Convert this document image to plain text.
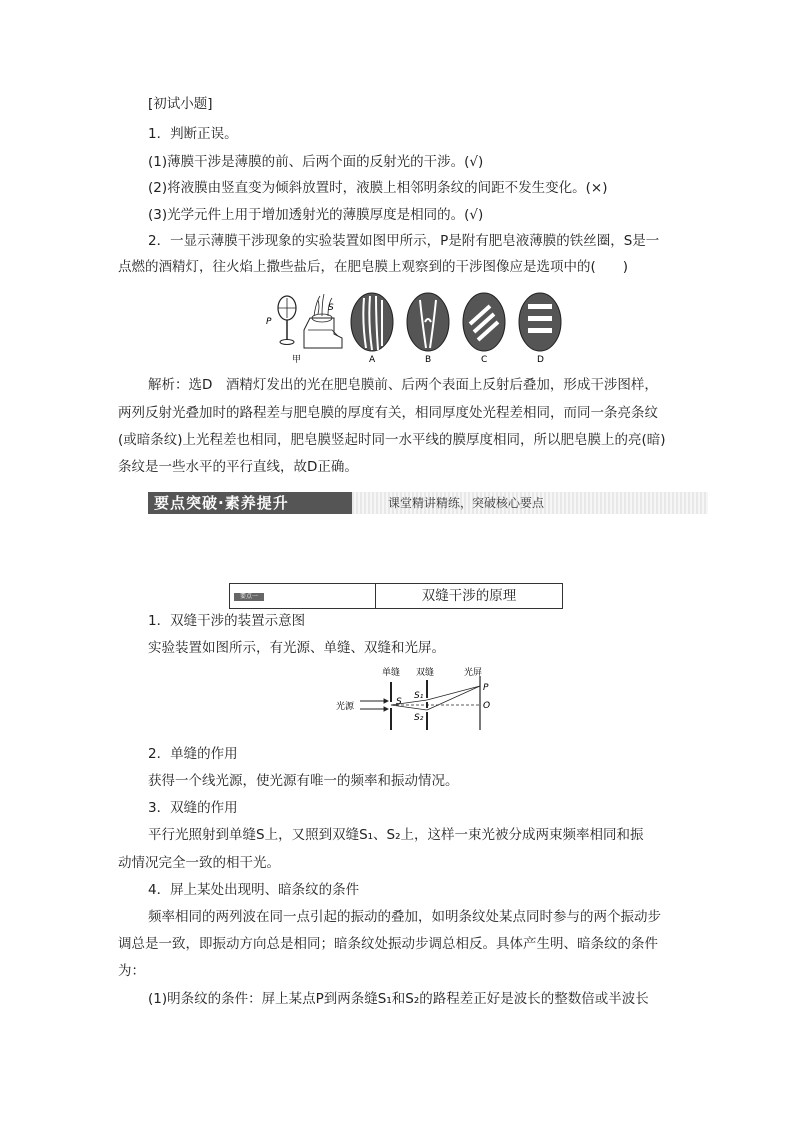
[初试小题]
1．判断正误。
(1)薄膜干涉是薄膜的前、后两个面的反射光的干涉。(√)
(2)将液膜由竖直变为倾斜放置时，液膜上相邻明条纹的间距不发生变化。(×)
(3)光学元件上用于增加透射光的薄膜厚度是相同的。(√)
2．一显示薄膜干涉现象的实验装置如图甲所示，P是附有肥皂液薄膜的铁丝圈，S是一
点燃的酒精灯，往火焰上撒些盐后，在肥皂膜上观察到的干涉图像应是选项中的(　　)
P
S
甲	A	B	C	D
解析：选D　酒精灯发出的光在肥皂膜前、后两个表面上反射后叠加，形成干涉图样，
两列反射光叠加时的路程差与肥皂膜的厚度有关，相同厚度处光程差相同，而同一条亮条纹
(或暗条纹)上光程差也相同，肥皂膜竖起时同一水平线的膜厚度相同，所以肥皂膜上的亮(暗)
条纹是一些水平的平行直线，故D正确。
要点突破·素养提升	课堂精讲精练，突破核心要点
要点一	双缝干涉的原理
1．双缝干涉的装置示意图
实验装置如图所示，有光源、单缝、双缝和光屏。
单缝 双缝	光屏
光源	S
S₁
S₂
P
O
2．单缝的作用
获得一个线光源，使光源有唯一的频率和振动情况。
3．双缝的作用
平行光照射到单缝S上，又照到双缝S₁、S₂上，这样一束光被分成两束频率相同和振
动情况完全一致的相干光。
4．屏上某处出现明、暗条纹的条件
频率相同的两列波在同一点引起的振动的叠加，如明条纹处某点同时参与的两个振动步
调总是一致，即振动方向总是相同；暗条纹处振动步调总相反。具体产生明、暗条纹的条件
为：
(1)明条纹的条件：屏上某点P到两条缝S₁和S₂的路程差正好是波长的整数倍或半波长
